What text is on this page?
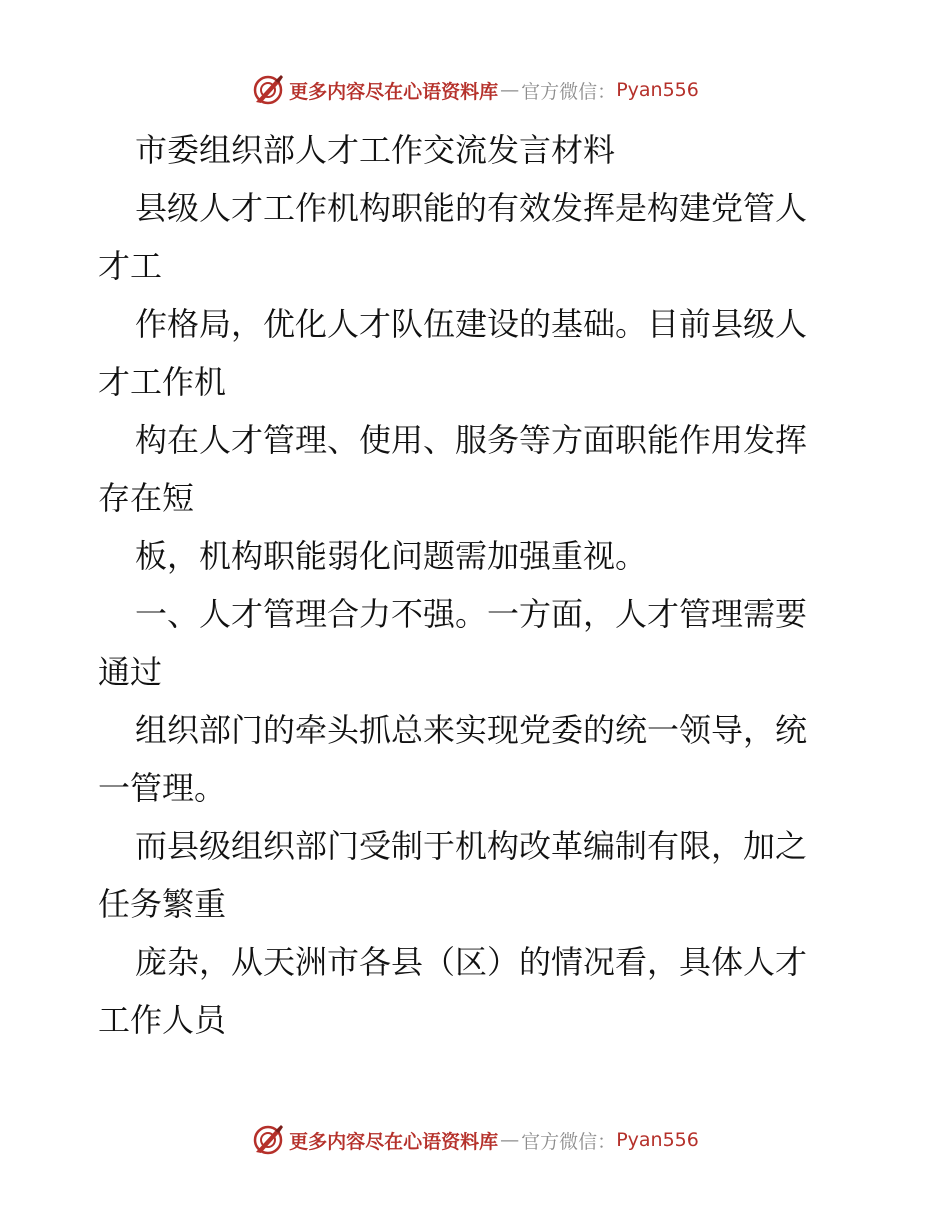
更多内容尽在心语资料库 — 官方微信： Pyan556
市委组织部人才工作交流发言材料
县级人才工作机构职能的有效发挥是构建党管人
才工
作格局，优化人才队伍建设的基础。目前县级人
才工作机
构在人才管理、使用、服务等方面职能作用发挥
存在短
板，机构职能弱化问题需加强重视。
一、人才管理合力不强。一方面，人才管理需要
通过
组织部门的牵头抓总来实现党委的统一领导，统
一管理。
而县级组织部门受制于机构改革编制有限，加之
任务繁重
庞杂，从天洲市各县（区）的情况看，具体人才
工作人员
更多内容尽在心语资料库 — 官方微信： Pyan556
